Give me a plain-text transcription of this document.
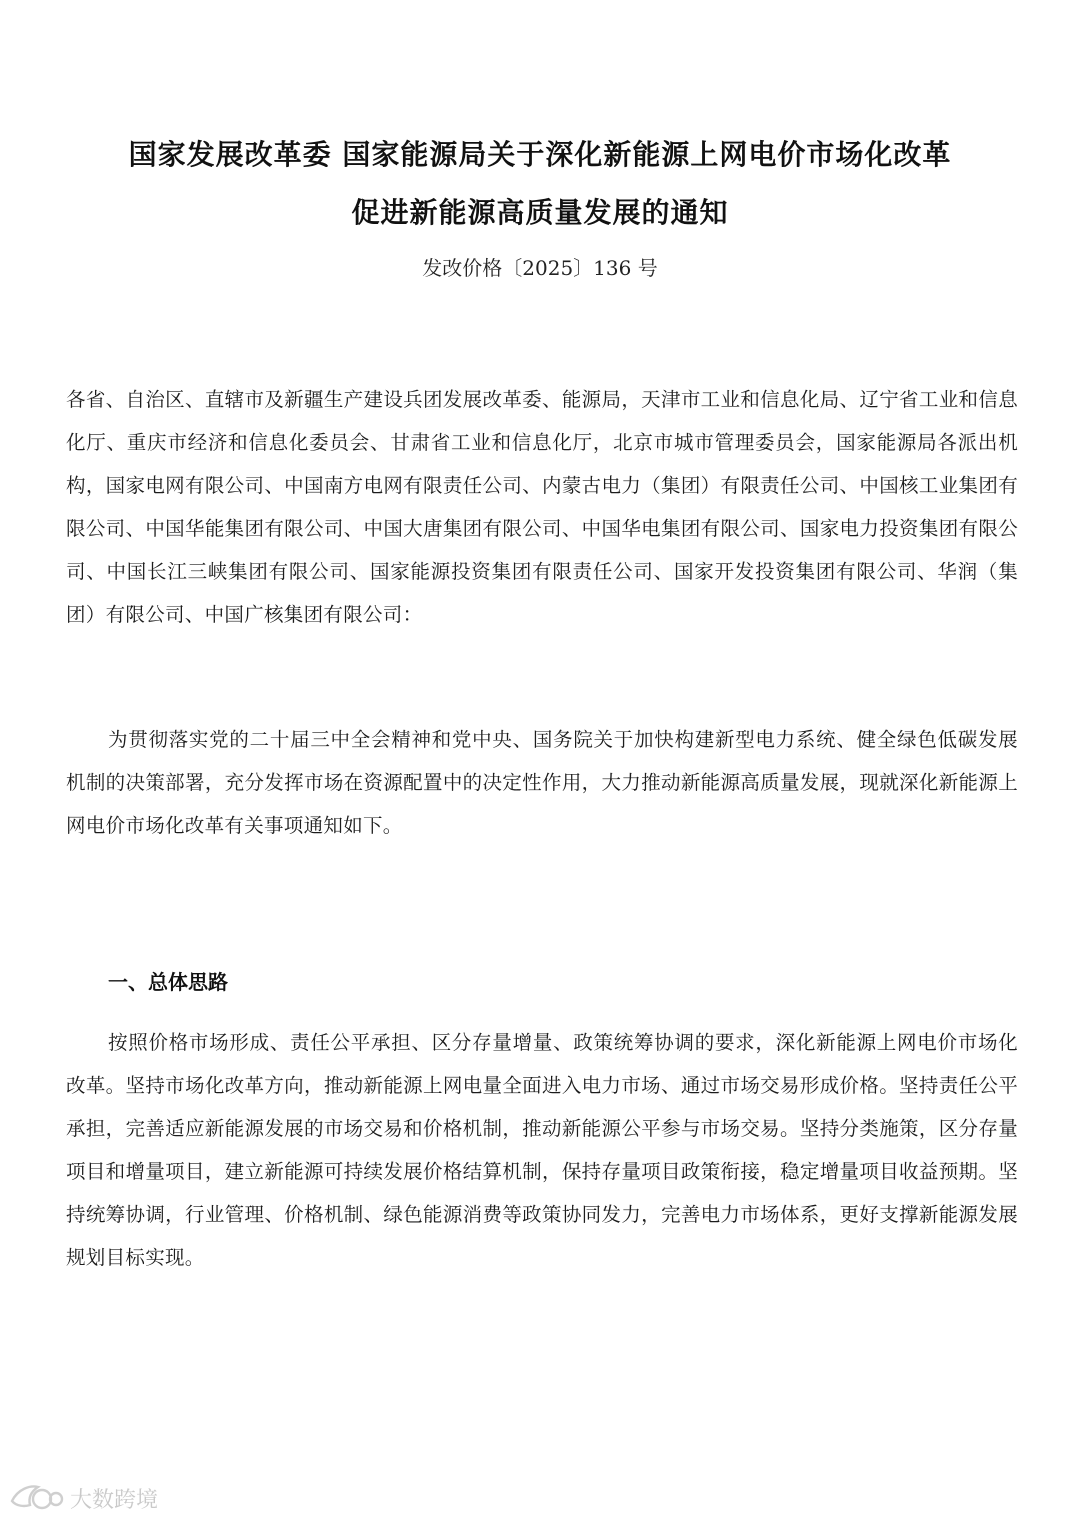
国家发展改革委 国家能源局关于深化新能源上网电价市场化改革
促进新能源高质量发展的通知
发改价格〔2025〕136 号

各省、自治区、直辖市及新疆生产建设兵团发展改革委、能源局，天津市工业和信息化局、辽宁省工业和信息化厅、重庆市经济和信息化委员会、甘肃省工业和信息化厅，北京市城市管理委员会，国家能源局各派出机构，国家电网有限公司、中国南方电网有限责任公司、内蒙古电力（集团）有限责任公司、中国核工业集团有限公司、中国华能集团有限公司、中国大唐集团有限公司、中国华电集团有限公司、国家电力投资集团有限公司、中国长江三峡集团有限公司、国家能源投资集团有限责任公司、国家开发投资集团有限公司、华润（集团）有限公司、中国广核集团有限公司：

为贯彻落实党的二十届三中全会精神和党中央、国务院关于加快构建新型电力系统、健全绿色低碳发展机制的决策部署，充分发挥市场在资源配置中的决定性作用，大力推动新能源高质量发展，现就深化新能源上网电价市场化改革有关事项通知如下。

一、总体思路

按照价格市场形成、责任公平承担、区分存量增量、政策统筹协调的要求，深化新能源上网电价市场化改革。坚持市场化改革方向，推动新能源上网电量全面进入电力市场、通过市场交易形成价格。坚持责任公平承担，完善适应新能源发展的市场交易和价格机制，推动新能源公平参与市场交易。坚持分类施策，区分存量项目和增量项目，建立新能源可持续发展价格结算机制，保持存量项目政策衔接，稳定增量项目收益预期。坚持统筹协调，行业管理、价格机制、绿色能源消费等政策协同发力，完善电力市场体系，更好支撑新能源发展规划目标实现。

大数跨境
